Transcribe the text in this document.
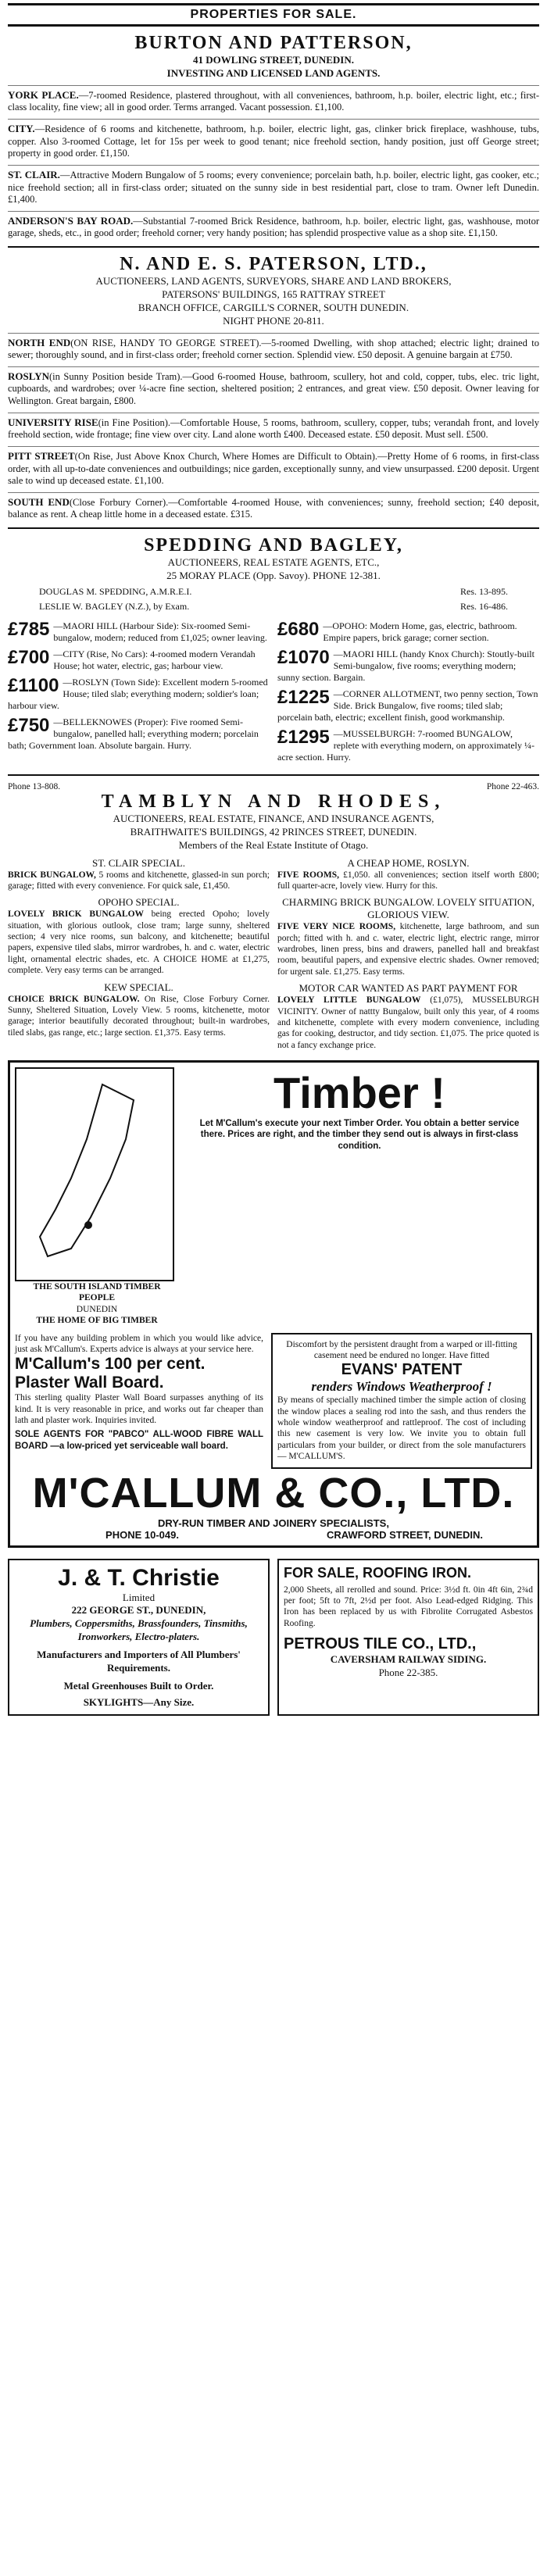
PROPERTIES FOR SALE.
BURTON AND PATTERSON,
41 DOWLING STREET, DUNEDIN.
INVESTING AND LICENSED LAND AGENTS.
YORK PLACE.—7-roomed Residence, plastered throughout, with all conveniences, bathroom, h.p. boiler, electric light, etc.; first-class locality, fine view; all in good order. Terms arranged. Vacant possession. £1,100.
CITY.—Residence of 6 rooms and kitchenette, bathroom, h.p. boiler, electric light, gas, clinker brick fireplace, washhouse, tubs, copper. Also 3-roomed Cottage, let for 15s per week to good tenant; nice freehold section, handy position, just off George street; property in good order. £1,150.
ST. CLAIR.—Attractive Modern Bungalow of 5 rooms; every convenience; porcelain bath, h.p. boiler, electric light, gas cooker, etc.; nice freehold section; all in first-class order; situated on the sunny side in best residential part, close to tram. Owner left Dunedin. £1,400.
ANDERSON'S BAY ROAD.—Substantial 7-roomed Brick Residence, bathroom, h.p. boiler, electric light, gas, washhouse, motor garage, sheds, etc., in good order; freehold corner; very handy position; has splendid prospective value as a shop site. £1,150.
N. AND E. S. PATERSON, LTD.,
AUCTIONEERS, LAND AGENTS, SURVEYORS, SHARE AND LAND BROKERS,
PATERSONS' BUILDINGS, 165 RATTRAY STREET
BRANCH OFFICE, CARGILL'S CORNER, SOUTH DUNEDIN.
NIGHT PHONE 20-811.
NORTH END(ON RISE, HANDY TO GEORGE STREET).—5-roomed Dwelling, with shop attached; electric light; drained to sewer; thoroughly sound, and in first-class order; freehold corner section. Splendid view. £50 deposit. A genuine bargain at £750.
ROSLYN(in Sunny Position beside Tram).—Good 6-roomed House, bathroom, scullery, hot and cold, copper, tubs, elec. tric light, cupboards, and wardrobes; over ¼-acre fine section, sheltered position; 2 entrances, and great view. £50 deposit. Owner leaving for Wellington. Great bargain, £800.
UNIVERSITY RISE(in Fine Position).—Comfortable House, 5 rooms, bathroom, scullery, copper, tubs; verandah front, and lovely freehold section, wide frontage; fine view over city. Land alone worth £400. Deceased estate. £50 deposit. Must sell. £500.
PITT STREET(On Rise, Just Above Knox Church, Where Homes are Difficult to Obtain).—Pretty Home of 6 rooms, in first-class order, with all up-to-date conveniences and outbuildings; nice garden, exceptionally sunny, and view unsurpassed. £200 deposit. Urgent sale to wind up deceased estate. £1,100.
SOUTH END(Close Forbury Corner).—Comfortable 4-roomed House, with conveniences; sunny, freehold section; £40 deposit, balance as rent. A cheap little home in a deceased estate. £315.
SPEDDING AND BAGLEY,
AUCTIONEERS, REAL ESTATE AGENTS, ETC.,
25 MORAY PLACE (Opp. Savoy). PHONE 12-381.
DOUGLAS M. SPEDDING, A.M.R.E.I.	Res. 13-895.
LESLIE W. BAGLEY (N.Z.), by Exam.	Res. 16-486.
£785 —MAORI HILL (Harbour Side): Six-roomed Semi-bungalow, modern; reduced from £1,025; owner leaving.
£700 —CITY (Rise, No Cars): 4-roomed modern Verandah House; hot water, electric, gas; harbour view.
£1100 —ROSLYN (Town Side): Excellent modern 5-roomed House; tiled slab; everything modern; soldier's loan; harbour view.
£750 —BELLEKNOWES (Proper): Five roomed Semi-bungalow, panelled hall; everything modern; porcelain bath; Government loan. Absolute bargain. Hurry.
£680 —OPOHO: Modern Home, gas, electric, bathroom. Empire papers, brick garage; corner section.
£1070 —MAORI HILL (handy Knox Church): Stoutly-built Semi-bungalow, five rooms; everything modern; sunny section. Bargain.
£1225 —CORNER ALLOTMENT, two penny section, Town Side. Brick Bungalow, five rooms; tiled slab; porcelain bath, electric; excellent finish, good workmanship.
£1295 —MUSSELBURGH: 7-roomed BUNGALOW, replete with everything modern, on approximately ¼-acre section. Hurry.
Phone 13-808.	Phone 22-463.
TAMBLYN AND RHODES,
AUCTIONEERS, REAL ESTATE, FINANCE, AND INSURANCE AGENTS,
BRAITHWAITE'S BUILDINGS, 42 PRINCES STREET, DUNEDIN.
Members of the Real Estate Institute of Otago.
ST. CLAIR SPECIAL.
BRICK BUNGALOW, 5 rooms and kitchenette, glassed-in sun porch; garage; fitted with every convenience. For quick sale, £1,450.
OPOHO SPECIAL.
LOVELY BRICK BUNGALOW being erected Opoho; lovely situation, with glorious outlook, close tram; large sunny, sheltered section; 4 very nice rooms, sun balcony, and kitchenette; beautiful papers, expensive tiled slabs, mirror wardrobes, h. and c. water, electric light, ornamental electric shades, etc. A CHOICE HOME at £1,275, complete. Very easy terms can be arranged.
KEW SPECIAL.
CHOICE BRICK BUNGALOW. On Rise, Close Forbury Corner. Sunny, Sheltered Situation, Lovely View. 5 rooms, kitchenette, motor garage; interior beautifully decorated throughout; built-in wardrobes, tiled slabs, gas range, etc.; large section. £1,375. Easy terms.
A CHEAP HOME, ROSLYN.
FIVE ROOMS, £1,050. all conveniences; section itself worth £800; full quarter-acre, lovely view. Hurry for this.
CHARMING BRICK BUNGALOW. LOVELY SITUATION, GLORIOUS VIEW.
FIVE VERY NICE ROOMS, kitchenette, large bathroom, and sun porch; fitted with h. and c. water, electric light, electric range, mirror wardrobes, linen press, bins and drawers, panelled hall and breakfast room, beautiful papers, and expensive electric shades. Owner removed; for urgent sale. £1,275. Easy terms.
MOTOR CAR WANTED AS PART PAYMENT FOR
LOVELY LITTLE BUNGALOW (£1,075), MUSSELBURGH VICINITY. Owner of nattty Bungalow, built only this year, of 4 rooms and kitchenette, complete with every modern convenience, including gas for cooking, destructor, and tidy section. £1,075. The price quoted is not a fancy exchange price.
THE SOUTH ISLAND TIMBER PEOPLE
DUNEDIN
THE HOME OF BIG TIMBER
Timber !
Let M'Callum's execute your next Timber Order. You obtain a better service there. Prices are right, and the timber they send out is always in first-class condition.
If you have any building problem in which you would like advice, just ask M'Callum's. Experts advice is always at your service here.
M'Callum's 100 per cent. Plaster Wall Board.
This sterling quality Plaster Wall Board surpasses anything of its kind. It is very reasonable in price, and works out far cheaper than lath and plaster work. Inquiries invited.
SOLE AGENTS FOR "PABCO" ALL-WOOD FIBRE WALL BOARD —a low-priced yet serviceable wall board.
Discomfort by the persistent draught from a warped or ill-fitting casement need be endured no longer. Have fitted
EVANS' PATENT
renders Windows Weatherproof !
By means of specially machined timber the simple action of closing the window places a sealing rod into the sash, and thus renders the whole window weatherproof and rattleproof. The cost of including this new casement is very low. We invite you to obtain full particulars from your builder, or direct from the sole manufacturers— M'CALLUM'S.
M'CALLUM & CO., LTD.
DRY-RUN TIMBER AND JOINERY SPECIALISTS,
PHONE 10-049.	CRAWFORD STREET, DUNEDIN.
J. & T. Christie
Limited
222 GEORGE ST., DUNEDIN,
Plumbers, Coppersmiths, Brassfounders, Tinsmiths, Ironworkers, Electro-platers.
Manufacturers and Importers of All Plumbers' Requirements.
Metal Greenhouses Built to Order.
SKYLIGHTS—Any Size.
FOR SALE, ROOFING IRON.
2,000 Sheets, all rerolled and sound. Price: 3½d ft. 0in 4ft 6in, 2¾d per foot; 5ft to 7ft, 2½d per foot. Also Lead-edged Ridging. This Iron has been replaced by us with Fibrolite Corrugated Asbestos Roofing.
PETROUS TILE CO., LTD.,
CAVERSHAM RAILWAY SIDING.
Phone 22-385.
